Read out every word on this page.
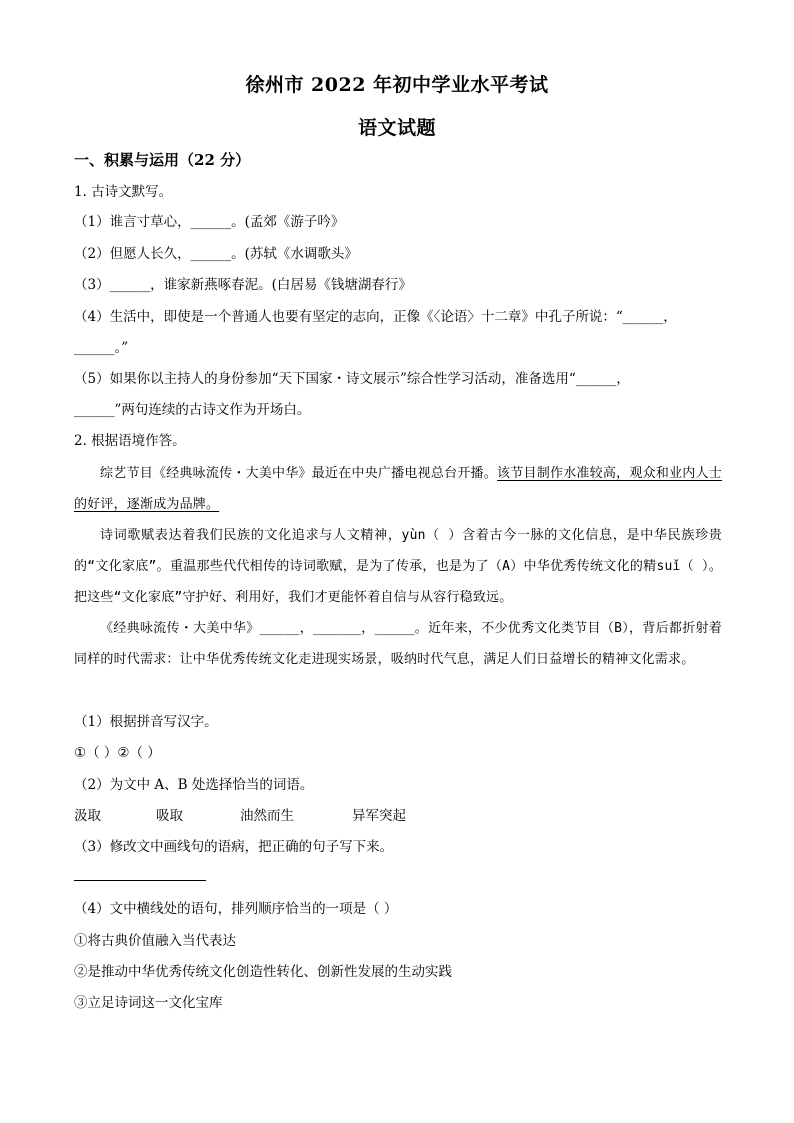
徐州市 2022 年初中学业水平考试
语文试题
一、积累与运用（22 分）
1. 古诗文默写。
（1）谁言寸草心，______。(孟郊《游子吟》
（2）但愿人长久，______。(苏轼《水调歌头》
（3）______，谁家新燕啄春泥。(白居易《钱塘湖春行》
（4）生活中，即使是一个普通人也要有坚定的志向，正像《〈论语〉十二章》中孔子所说：“______，
______。”
（5）如果你以主持人的身份参加“天下国家・诗文展示”综合性学习活动，准备选用“______，
______”两句连续的古诗文作为开场白。
2. 根据语境作答。

综艺节目《经典咏流传・大美中华》最近在中央广播电视总台开播。该节目制作水准较高，观众和业内人士的好评，逐渐成为品牌。

诗词歌赋表达着我们民族的文化追求与人文精神，yùn（ ）含着古今一脉的文化信息，是中华民族珍贵的“文化家底”。重温那些代代相传的诗词歌赋，是为了传承，也是为了（A）中华优秀传统文化的精suǐ（ ）。把这些“文化家底”守护好、利用好，我们才更能怀着自信与从容行稳致远。

《经典咏流传・大美中华》_____，______，_____。近年来，不少优秀文化类节目（B），背后都折射着同样的时代需求：让中华优秀传统文化走进现实场景，吸纳时代气息，满足人们日益增长的精神文化需求。

（1）根据拼音写汉字。
①（ ）②（ ）
（2）为文中 A、B 处选择恰当的词语。
汲取	吸取	油然而生	异军突起
（3）修改文中画线句的语病，把正确的句子写下来。
（4）文中横线处的语句，排列顺序恰当的一项是（ ）
①将古典价值融入当代表达
②是推动中华优秀传统文化创造性转化、创新性发展的生动实践
③立足诗词这一文化宝库
